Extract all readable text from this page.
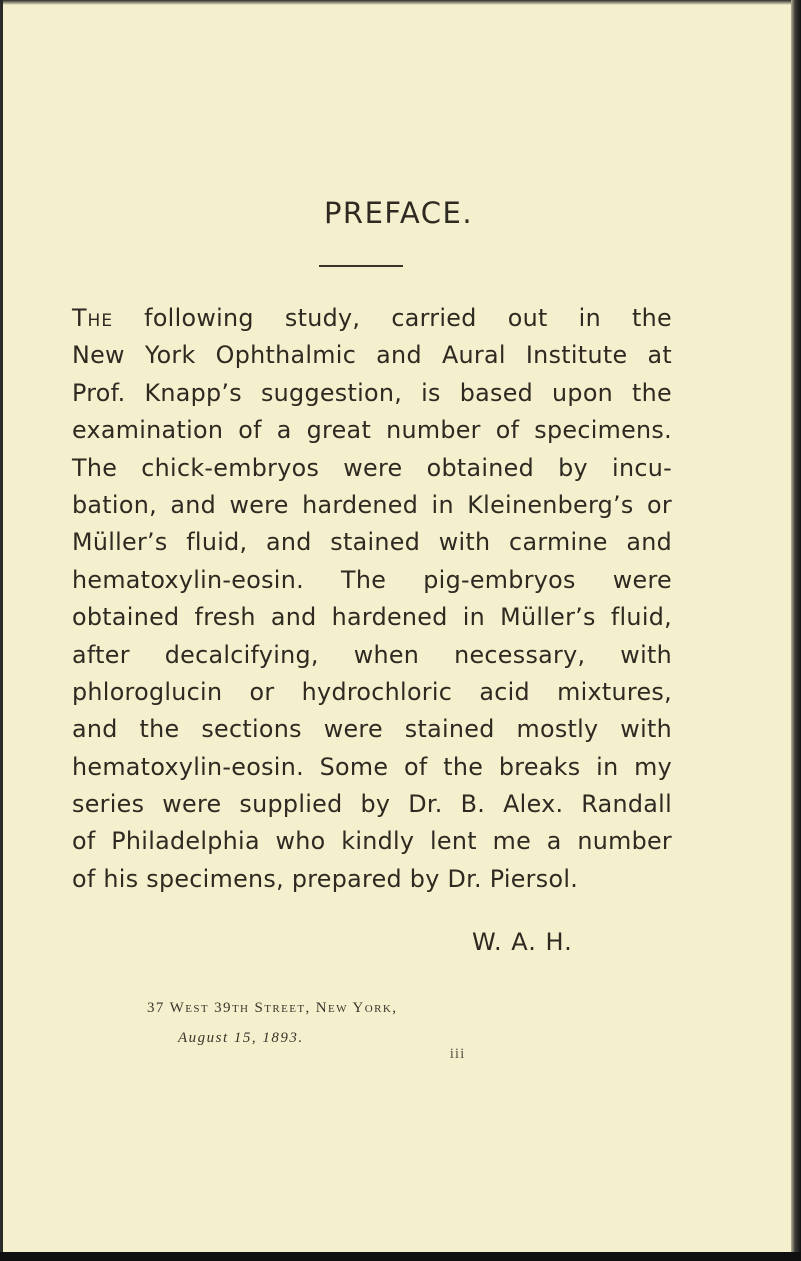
PREFACE.
The following study, carried out in the
New York Ophthalmic and Aural Institute at
Prof. Knapp’s suggestion, is based upon the
examination of a great number of specimens.
The chick-embryos were obtained by incu-
bation, and were hardened in Kleinenberg’s or
Müller’s fluid, and stained with carmine and
hematoxylin-eosin. The pig-embryos were
obtained fresh and hardened in Müller’s fluid,
after decalcifying, when necessary, with
phloroglucin or hydrochloric acid mixtures,
and the sections were stained mostly with
hematoxylin-eosin. Some of the breaks in my
series were supplied by Dr. B. Alex. Randall
of Philadelphia who kindly lent me a number
of his specimens, prepared by Dr. Piersol.
W. A. H.
37 West 39th Street, New York,
August 15, 1893.
iii
